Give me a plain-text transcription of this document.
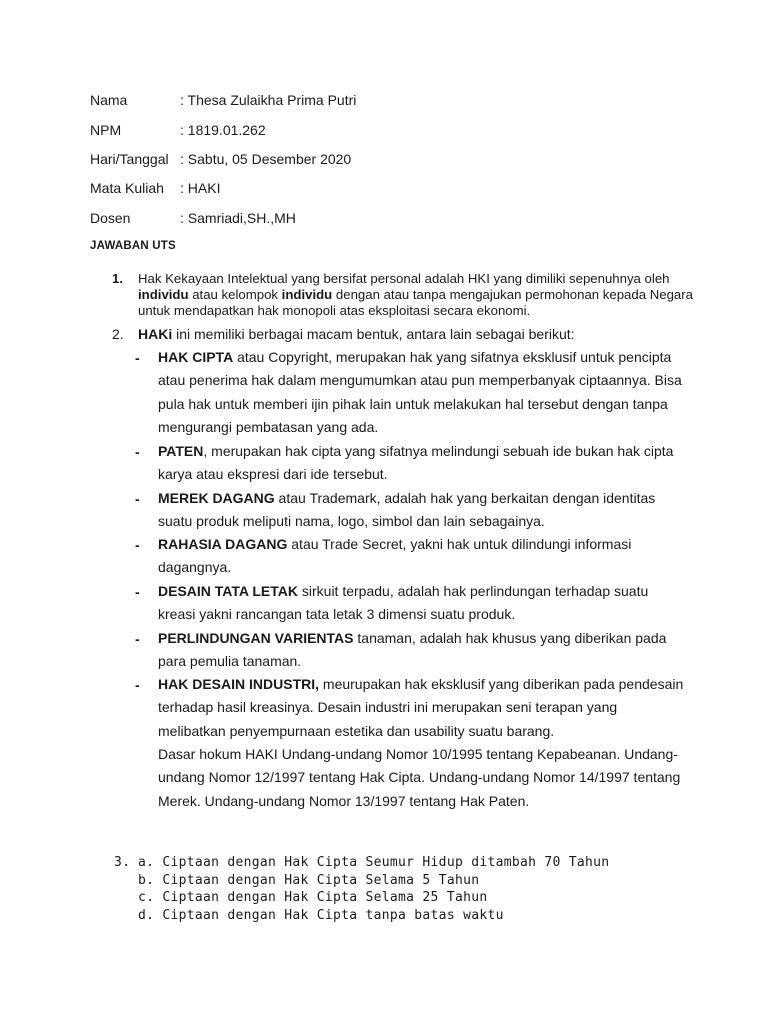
Nama	: Thesa Zulaikha Prima Putri
NPM	: 1819.01.262
Hari/Tanggal : Sabtu, 05 Desember 2020
Mata Kuliah : HAKI
Dosen	: Samriadi,SH.,MH
JAWABAN UTS
1. Hak Kekayaan Intelektual yang bersifat personal adalah HKI yang dimiliki sepenuhnya oleh individu atau kelompok individu dengan atau tanpa mengajukan permohonan kepada Negara untuk mendapatkan hak monopoli atas eksploitasi secara ekonomi.
2. HAKi ini memiliki berbagai macam bentuk, antara lain sebagai berikut:
- HAK CIPTA atau Copyright, merupakan hak yang sifatnya eksklusif untuk pencipta atau penerima hak dalam mengumumkan atau pun memperbanyak ciptaannya. Bisa pula hak untuk memberi ijin pihak lain untuk melakukan hal tersebut dengan tanpa mengurangi pembatasan yang ada.
- PATEN, merupakan hak cipta yang sifatnya melindungi sebuah ide bukan hak cipta karya atau ekspresi dari ide tersebut.
- MEREK DAGANG atau Trademark, adalah hak yang berkaitan dengan identitas suatu produk meliputi nama, logo, simbol dan lain sebagainya.
- RAHASIA DAGANG atau Trade Secret, yakni hak untuk dilindungi informasi dagangnya.
- DESAIN TATA LETAK sirkuit terpadu, adalah hak perlindungan terhadap suatu kreasi yakni rancangan tata letak 3 dimensi suatu produk.
- PERLINDUNGAN VARIENTAS tanaman, adalah hak khusus yang diberikan pada para pemulia tanaman.
- HAK DESAIN INDUSTRI, meurupakan hak eksklusif yang diberikan pada pendesain terhadap hasil kreasinya. Desain industri ini merupakan seni terapan yang melibatkan penyempurnaan estetika dan usability suatu barang.
Dasar hokum HAKI Undang-undang Nomor 10/1995 tentang Kepabeanan. Undang-undang Nomor 12/1997 tentang Hak Cipta. Undang-undang Nomor 14/1997 tentang Merek. Undang-undang Nomor 13/1997 tentang Hak Paten.
3. a. Ciptaan dengan Hak Cipta Seumur Hidup ditambah 70 Tahun
b. Ciptaan dengan Hak Cipta Selama 5 Tahun
c. Ciptaan dengan Hak Cipta Selama 25 Tahun
d. Ciptaan dengan Hak Cipta tanpa batas waktu
